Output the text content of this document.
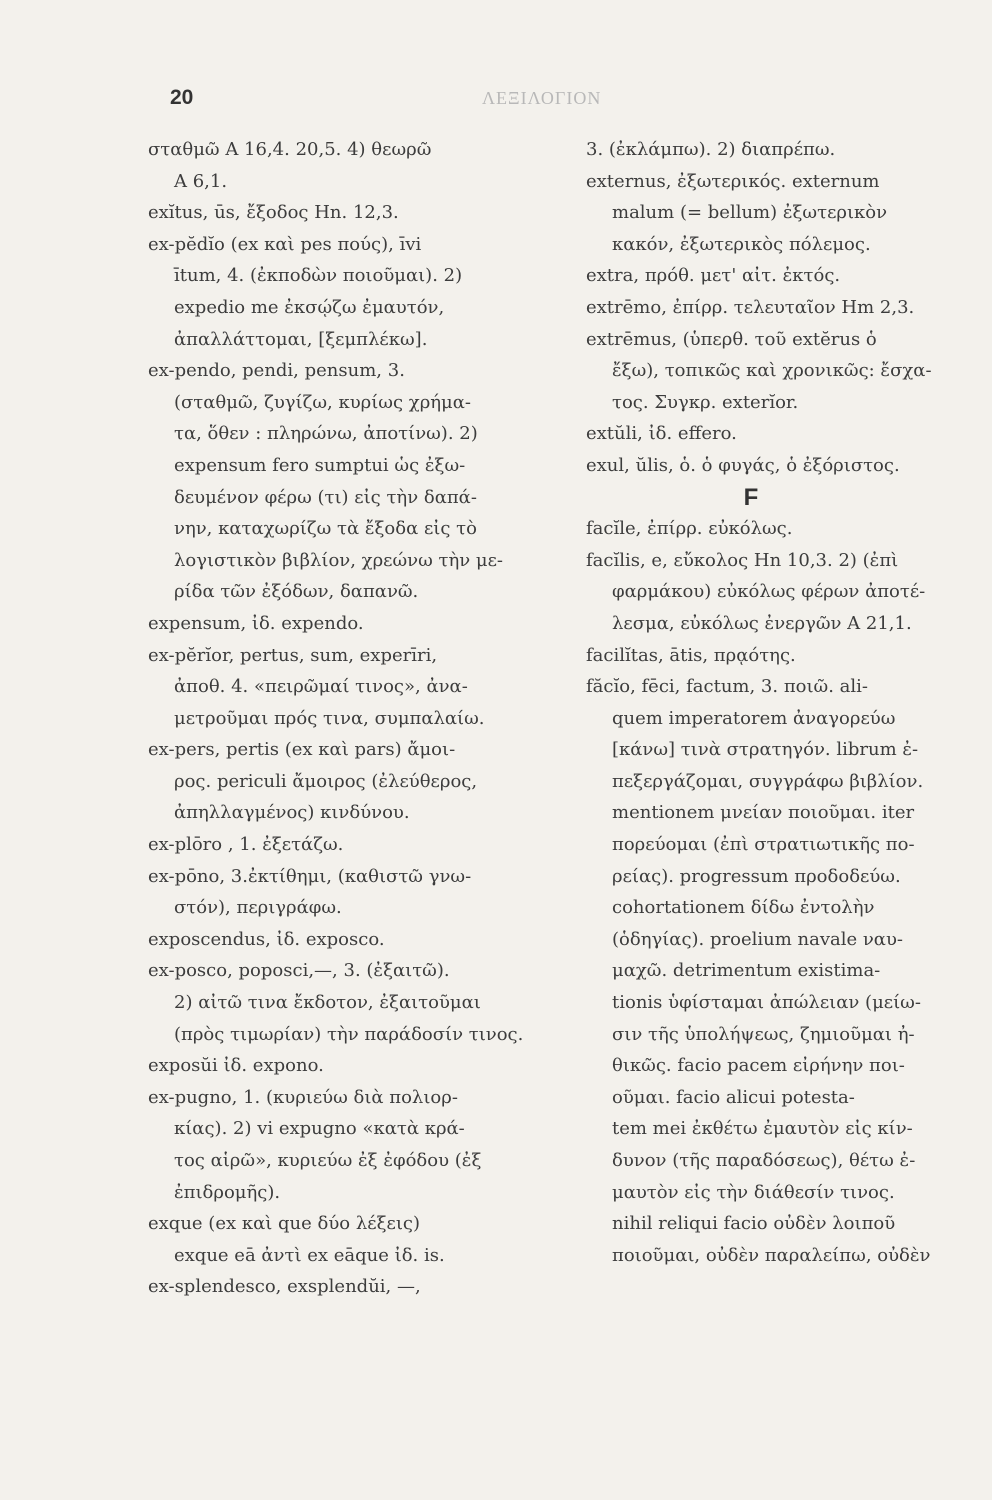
20	ΛΕΞΙΛΟΓΙΟΝ
σταθμῶ Α 16,4. 20,5. 4) θεωρῶ
Α 6,1.
exĭtus, ūs, ἔξοδος Hn. 12,3.
ex-pĕdĭo (ex καὶ pes πούς), īvi
ītum, 4. (ἐκποδὼν ποιοῦμαι). 2)
expedio me ἐκσῴζω ἐμαυτόν,
ἀπαλλάττομαι, [ξεμπλέκω].
ex-pendo, pendi, pensum, 3.
(σταθμῶ, ζυγίζω, κυρίως χρήμα-
τα, ὅθεν : πληρώνω, ἀποτίνω). 2)
expensum fero sumptui ὡς ἐξω-
δευμένον φέρω (τι) εἰς τὴν δαπά-
νην, καταχωρίζω τὰ ἔξοδα εἰς τὸ
λογιστικὸν βιβλίον, χρεώνω τὴν με-
ρίδα τῶν ἐξόδων, δαπανῶ.
expensum, ἰδ. expendo.
ex-pĕrĭor, pertus, sum, experīri,
ἀποθ. 4. «πειρῶμαί τινος», ἀνα-
μετροῦμαι πρός τινα, συμπαλαίω.
ex-pers, pertis (ex καὶ pars) ἄμοι-
ρος. periculi ἄμοιρος (ἐλεύθερος,
ἀπηλλαγμένος) κινδύνου.
ex-plōro , 1. ἐξετάζω.
ex-pōno, 3.ἐκτίθημι, (καθιστῶ γνω-
στόν), περιγράφω.
exposcendus, ἰδ. exposco.
ex-posco, poposci,—, 3. (ἐξαιτῶ).
2) αἰτῶ τινα ἔκδοτον, ἐξαιτοῦμαι
(πρὸς τιμωρίαν) τὴν παράδοσίν τινος.
exposŭi ἰδ. expono.
ex-pugno, 1. (κυριεύω διὰ πολιορ-
κίας). 2) vi expugno «κατὰ κρά-
τος αἱρῶ», κυριεύω ἐξ ἐφόδου (ἐξ
ἐπιδρομῆς).
exque (ex καὶ que δύο λέξεις)
exque eā ἀντὶ ex eāque ἰδ. is.
ex-splendesco, exsplendŭi, —,
3. (ἐκλάμπω). 2) διαπρέπω.
externus, ἐξωτερικός. externum
malum (= bellum) ἐξωτερικὸν
κακόν, ἐξωτερικὸς πόλεμος.
extra, πρόθ. μετ' αἰτ. ἐκτός.
extrēmo, ἐπίρρ. τελευταῖον Hm 2,3.
extrēmus, (ὑπερθ. τοῦ extĕrus ὁ
ἔξω), τοπικῶς καὶ χρονικῶς: ἔσχα-
τος. Συγκρ. exterĭor.
extŭli, ἰδ. effero.
exul, ŭlis, ὁ. ὁ φυγάς, ὁ ἐξόριστος.
F
facĭle, ἐπίρρ. εὐκόλως.
facĭlis, e, εὔκολος Hn 10,3. 2) (ἐπὶ
φαρμάκου) εὐκόλως φέρων ἀποτέ-
λεσμα, εὐκόλως ἐνεργῶν Α 21,1.
facilĭtas, ātis, πρᾳότης.
făcĭo, fēci, factum, 3. ποιῶ. ali-
quem imperatorem ἀναγορεύω
[κάνω] τινὰ στρατηγόν. librum ἐ-
πεξεργάζομαι, συγγράφω βιβλίον.
mentionem μνείαν ποιοῦμαι. iter
πορεύομαι (ἐπὶ στρατιωτικῆς πο-
ρείας). progressum προδοδεύω.
cohortationem δίδω ἐντολὴν
(ὁδηγίας). proelium navale ναυ-
μαχῶ. detrimentum existima-
tionis ὑφίσταμαι ἀπώλειαν (μείω-
σιν τῆς ὑπολήψεως, ζημιοῦμαι ἠ-
θικῶς. facio pacem εἰρήνην ποι-
οῦμαι. facio alicui potesta-
tem mei ἐκθέτω ἐμαυτὸν εἰς κίν-
δυνον (τῆς παραδόσεως), θέτω ἐ-
μαυτὸν εἰς τὴν διάθεσίν τινος.
nihil reliqui facio οὐδὲν λοιποῦ
ποιοῦμαι, οὐδὲν παραλείπω, οὐδὲν
